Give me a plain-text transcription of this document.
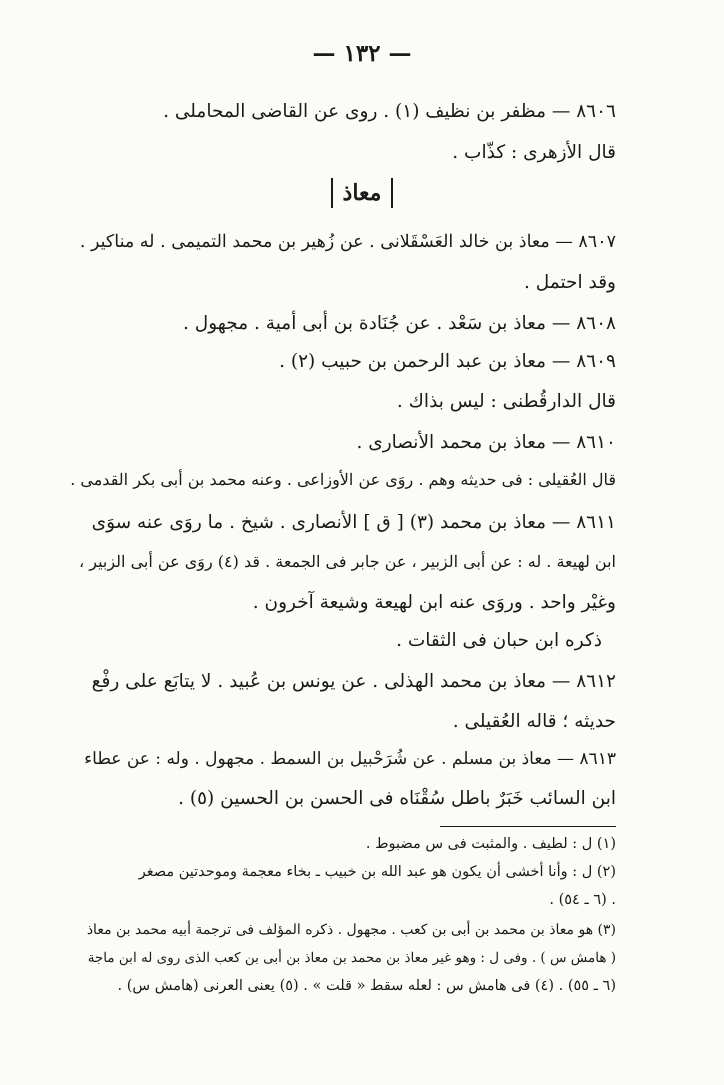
— ١٣٢ —
٨٦٠٦ — مظفر بن نظيف (١) . روى عن القاضى المحاملى .
قال الأزهرى : كذّاب .
معاذ
٨٦٠٧ — معاذ بن خالد العَسْقَلانى . عن زُهير بن محمد التميمى . له مناكير .
وقد احتمل .
٨٦٠٨ — معاذ بن سَعْد . عن جُنَادة بن أبى أمية . مجهول .
٨٦٠٩ — معاذ بن عبد الرحمن بن حبيب (٢) .
قال الدارقُطنى : ليس بذاك .
٨٦١٠ — معاذ بن محمد الأنصارى .
قال العُقيلى : فى حديثه وهم . روَى عن الأوزاعى . وعنه محمد بن أبى بكر القدمى .
٨٦١١ — معاذ بن محمد (٣) [ ق ] الأنصارى . شيخ . ما روَى عنه سوَى
ابن لهيعة . له : عن أبى الزبير ، عن جابر فى الجمعة . قد (٤) روَى عن أبى الزبير ،
وغيْر واحد . وروَى عنه ابن لهيعة وشيعة آخرون .
ذكره ابن حبان فى الثقات .
٨٦١٢ — معاذ بن محمد الهذلى . عن يونس بن عُبيد . لا يتابَع على رفْع
حديثه ؛ قاله العُقيلى .
٨٦١٣ — معاذ بن مسلم . عن شُرَحْبيل بن السمط . مجهول . وله : عن عطاء
ابن السائب خَبَرٌ باطل سُقْنَاه فى الحسن بن الحسين (٥) .
(١) ل : لطيف . والمثبت فى س مضبوط .
(٢) ل : وأنا أخشى أن يكون هو عبد الله بن خبيب ـ بخاء معجمة وموحدتين مصغر
. (٦ ـ ٥٤) .
(٣) هو معاذ بن محمد بن أبى بن كعب . مجهول . ذكره المؤلف فى ترجمة أبيه محمد بن معاذ
( هامش س ) . وفى ل : وهو غير معاذ بن محمد بن معاذ بن أبى بن كعب الذى روى له ابن ماجة
(٦ ـ ٥٥) . (٤) فى هامش س : لعله سقط « قلت » . (٥) يعنى العرنى (هامش س) .
